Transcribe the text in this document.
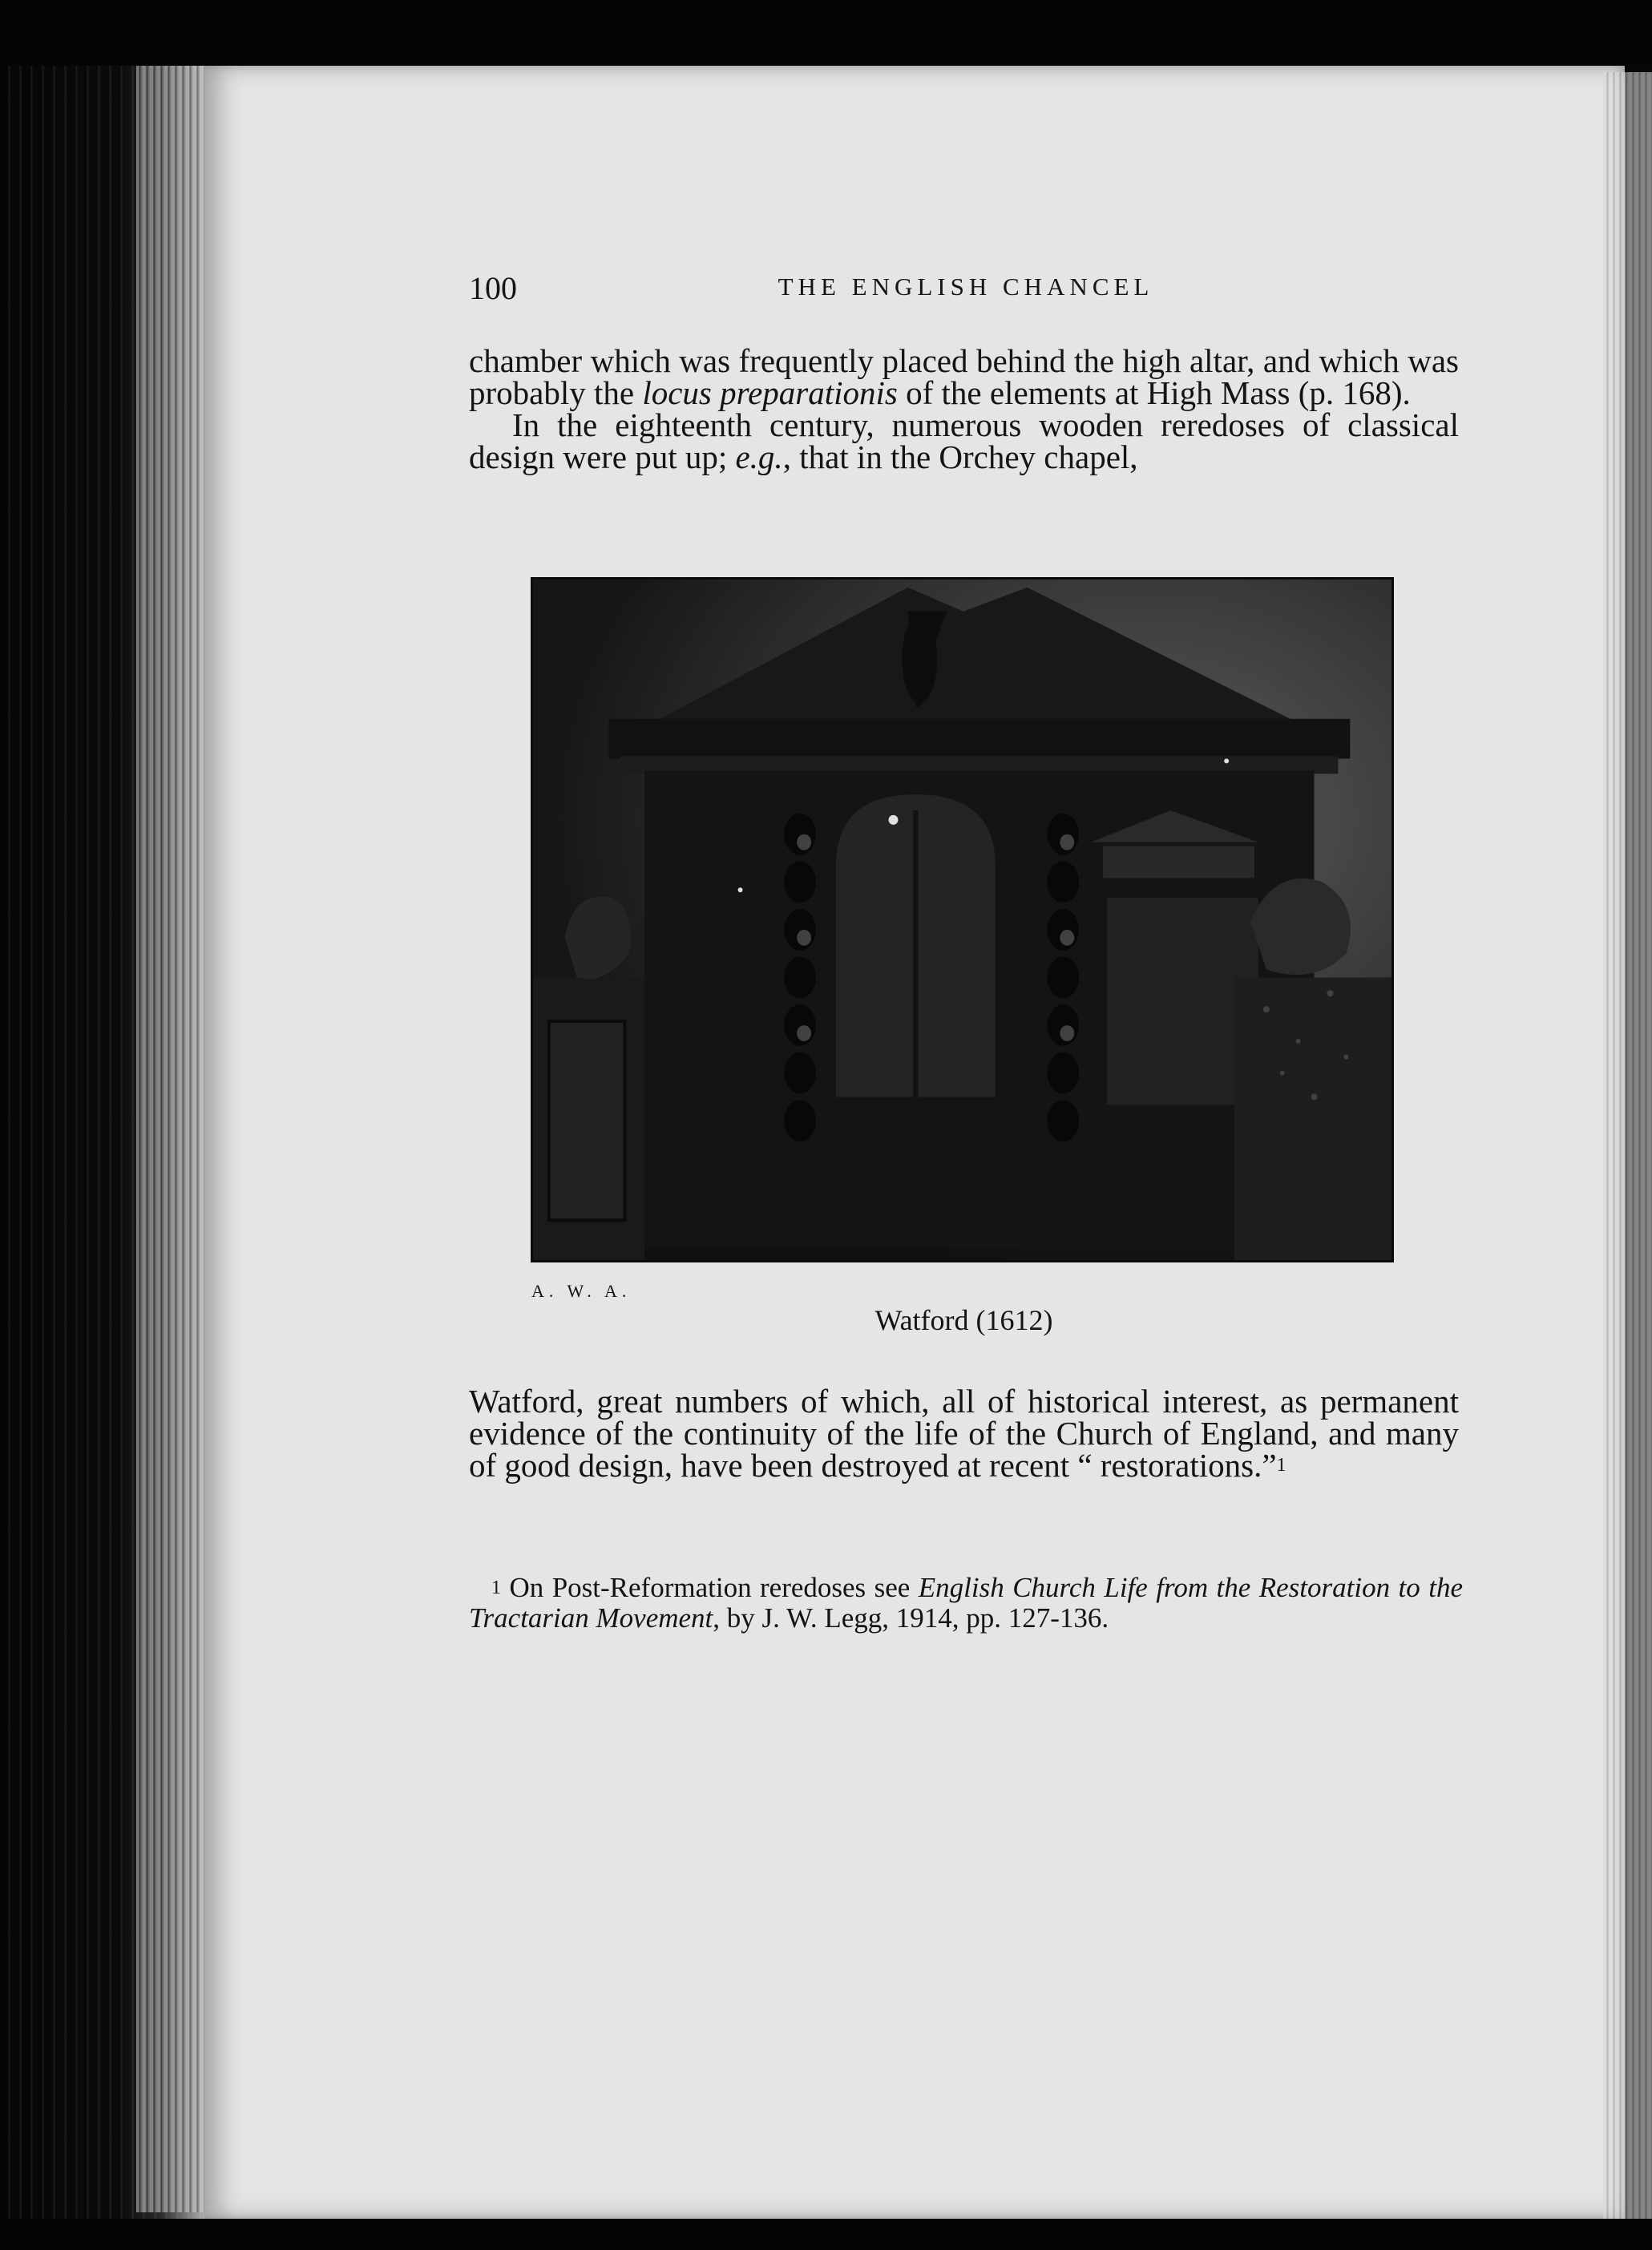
100	THE ENGLISH CHANCEL

chamber which was frequently placed behind the high altar, and which was probably the locus preparationis of the elements at High Mass (p. 168).
In the eighteenth century, numerous wooden reredoses of classical design were put up; e.g., that in the Orchey chapel,

A. W. A.
Watford (1612)

Watford, great numbers of which, all of historical interest, as permanent evidence of the continuity of the life of the Church of England, and many of good design, have been destroyed at recent “ restorations.”$^1$

$^1$ On Post-Reformation reredoses see English Church Life from the Restoration to the Tractarian Movement, by J. W. Legg, 1914, pp. 127-136.
